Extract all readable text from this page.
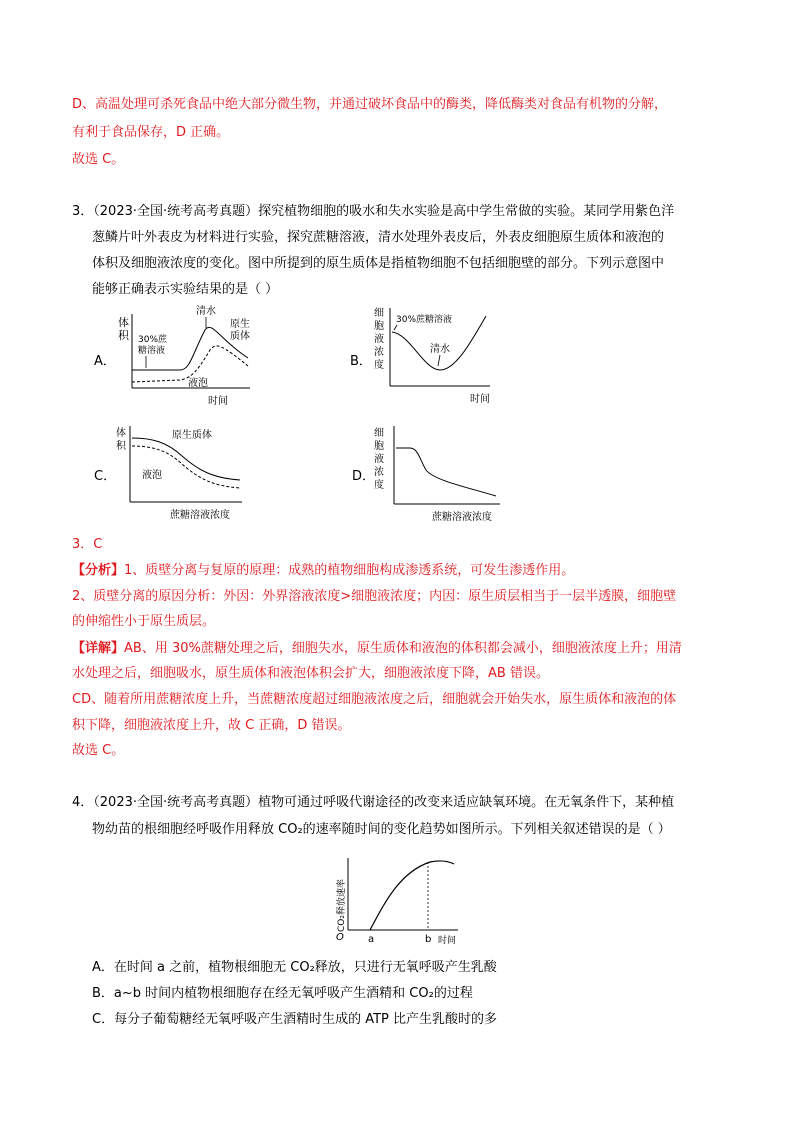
D、高温处理可杀死食品中绝大部分微生物，并通过破坏食品中的酶类，降低酶类对食品有机物的分解，
有利于食品保存，D 正确。
故选 C。
3．（2023·全国·统考高考真题）探究植物细胞的吸水和失水实验是高中学生常做的实验。某同学用紫色洋
葱鳞片叶外表皮为材料进行实验，探究蔗糖溶液，清水处理外表皮后，外表皮细胞原生质体和液泡的
体积及细胞液浓度的变化。图中所提到的原生质体是指植物细胞不包括细胞壁的部分。下列示意图中
能够正确表示实验结果的是（ ）
A．
体
积 30%蔗
糖溶液
清水
原生
质体
液泡
时间
B．
细
胞
液
浓
度
30%蔗糖溶液
清水
时间
C．
体
积
原生质体
液泡
蔗糖溶液浓度
D．
细
胞
液
浓
度
蔗糖溶液浓度
3．C
【分析】1、质壁分离与复原的原理：成熟的植物细胞构成渗透系统，可发生渗透作用。
2、质壁分离的原因分析：外因：外界溶液浓度>细胞液浓度；内因：原生质层相当于一层半透膜，细胞壁
的伸缩性小于原生质层。
【详解】AB、用 30%蔗糖处理之后，细胞失水，原生质体和液泡的体积都会减小，细胞液浓度上升；用清
水处理之后，细胞吸水，原生质体和液泡体积会扩大，细胞液浓度下降，AB 错误。
CD、随着所用蔗糖浓度上升，当蔗糖浓度超过细胞液浓度之后，细胞就会开始失水，原生质体和液泡的体
积下降，细胞液浓度上升，故 C 正确，D 错误。
故选 C。
4．（2023·全国·统考高考真题）植物可通过呼吸代谢途径的改变来适应缺氧环境。在无氧条件下，某种植
物幼苗的根细胞经呼吸作用释放 CO₂的速率随时间的变化趋势如图所示。下列相关叙述错误的是（ ）
CO₂释放速率
O a	b 时间
A．在时间 a 之前，植物根细胞无 CO₂释放，只进行无氧呼吸产生乳酸
B．a~b 时间内植物根细胞存在经无氧呼吸产生酒精和 CO₂的过程
C．每分子葡萄糖经无氧呼吸产生酒精时生成的 ATP 比产生乳酸时的多
